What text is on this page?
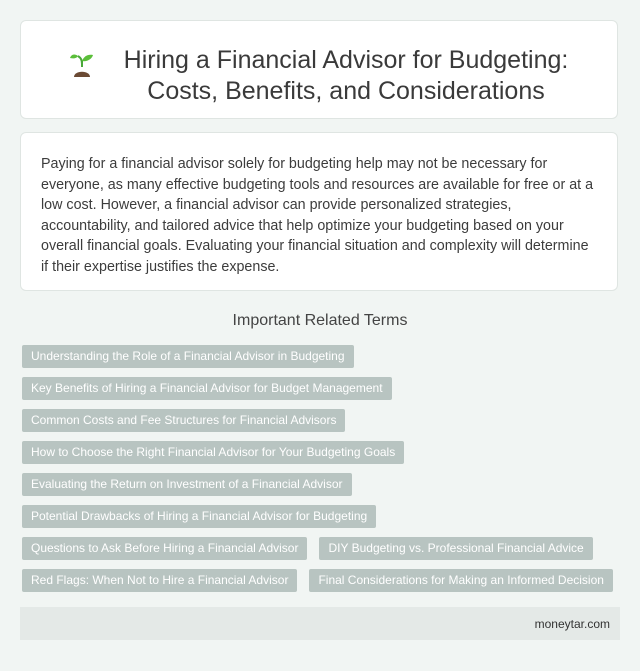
Hiring a Financial Advisor for Budgeting: Costs, Benefits, and Considerations

Paying for a financial advisor solely for budgeting help may not be necessary for everyone, as many effective budgeting tools and resources are available for free or at a low cost. However, a financial advisor can provide personalized strategies, accountability, and tailored advice that help optimize your budgeting based on your overall financial goals. Evaluating your financial situation and complexity will determine if their expertise justifies the expense.

Important Related Terms
Understanding the Role of a Financial Advisor in Budgeting
Key Benefits of Hiring a Financial Advisor for Budget Management
Common Costs and Fee Structures for Financial Advisors
How to Choose the Right Financial Advisor for Your Budgeting Goals
Evaluating the Return on Investment of a Financial Advisor
Potential Drawbacks of Hiring a Financial Advisor for Budgeting
Questions to Ask Before Hiring a Financial Advisor	DIY Budgeting vs. Professional Financial Advice
Red Flags: When Not to Hire a Financial Advisor	Final Considerations for Making an Informed Decision
moneytar.com
